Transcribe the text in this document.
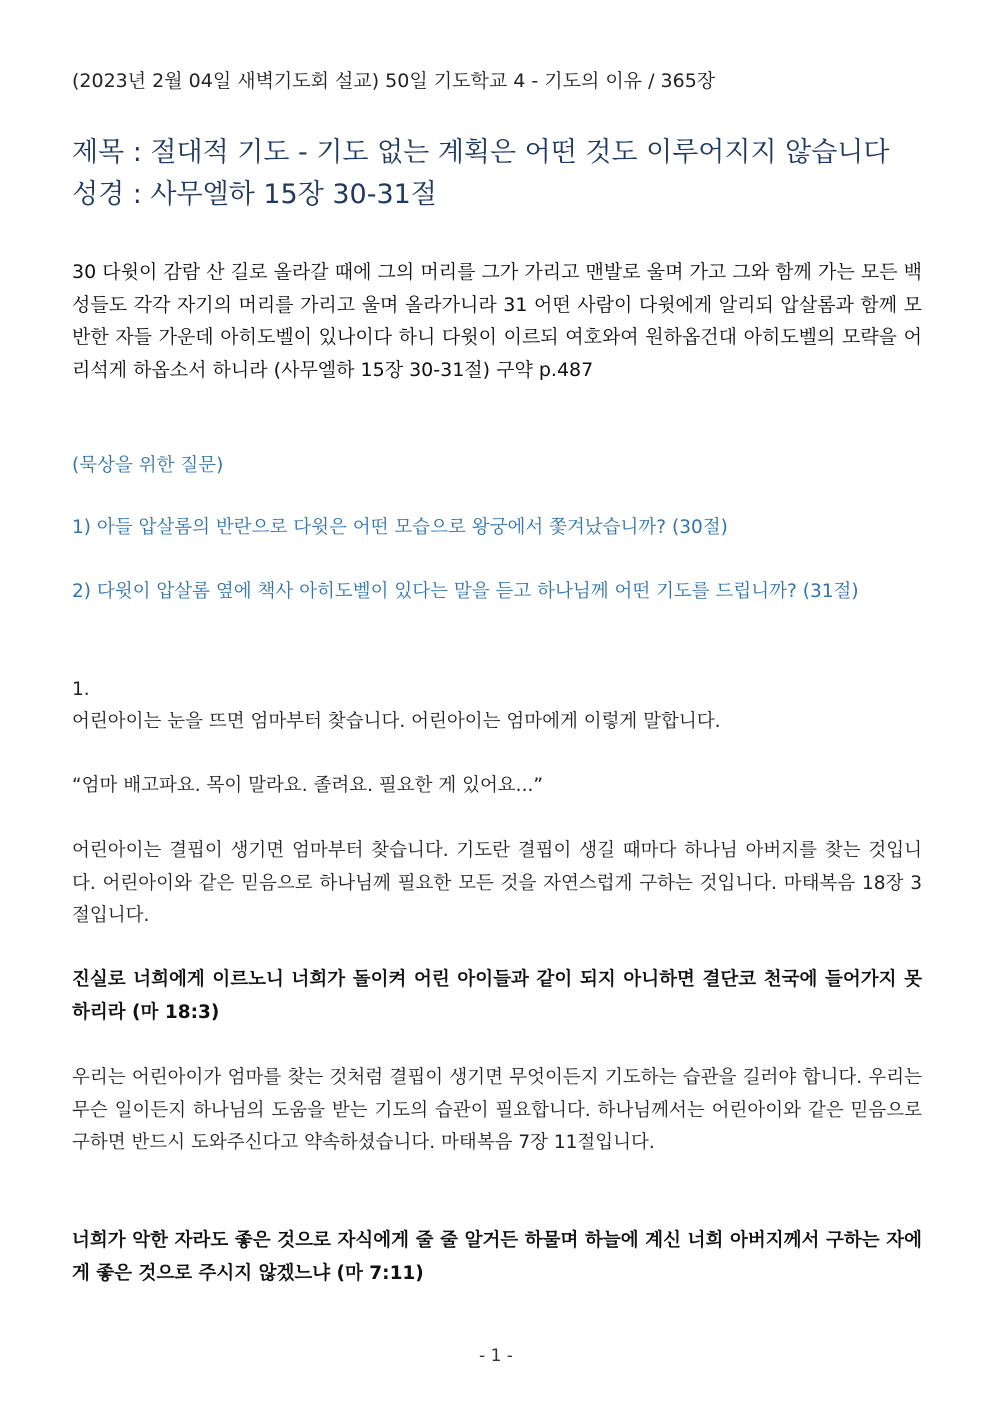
(2023년 2월 04일 새벽기도회 설교) 50일 기도학교 4 - 기도의 이유 / 365장
제목 : 절대적 기도 - 기도 없는 계획은 어떤 것도 이루어지지 않습니다
성경 : 사무엘하 15장 30-31절
30 다윗이 감람 산 길로 올라갈 때에 그의 머리를 그가 가리고 맨발로 울며 가고 그와 함께 가는 모든 백성들도 각각 자기의 머리를 가리고 울며 올라가니라 31 어떤 사람이 다윗에게 알리되 압살롬과 함께 모반한 자들 가운데 아히도벨이 있나이다 하니 다윗이 이르되 여호와여 원하옵건대 아히도벨의 모략을 어리석게 하옵소서 하니라 (사무엘하 15장 30-31절) 구약 p.487
(묵상을 위한 질문)
1) 아들 압살롬의 반란으로 다윗은 어떤 모습으로 왕궁에서 쫓겨났습니까? (30절)
2) 다윗이 압살롬 옆에 책사 아히도벨이 있다는 말을 듣고 하나님께 어떤 기도를 드립니까? (31절)
1.
어린아이는 눈을 뜨면 엄마부터 찾습니다. 어린아이는 엄마에게 이렇게 말합니다.
“엄마 배고파요. 목이 말라요. 졸려요. 필요한 게 있어요...”
어린아이는 결핍이 생기면 엄마부터 찾습니다. 기도란 결핍이 생길 때마다 하나님 아버지를 찾는 것입니다. 어린아이와 같은 믿음으로 하나님께 필요한 모든 것을 자연스럽게 구하는 것입니다. 마태복음 18장 3절입니다.
진실로 너희에게 이르노니 너희가 돌이켜 어린 아이들과 같이 되지 아니하면 결단코 천국에 들어가지 못하리라 (마 18:3)
우리는 어린아이가 엄마를 찾는 것처럼 결핍이 생기면 무엇이든지 기도하는 습관을 길러야 합니다. 우리는 무슨 일이든지 하나님의 도움을 받는 기도의 습관이 필요합니다. 하나님께서는 어린아이와 같은 믿음으로 구하면 반드시 도와주신다고 약속하셨습니다. 마태복음 7장 11절입니다.
너희가 악한 자라도 좋은 것으로 자식에게 줄 줄 알거든 하물며 하늘에 계신 너희 아버지께서 구하는 자에게 좋은 것으로 주시지 않겠느냐 (마 7:11)
- 1 -
